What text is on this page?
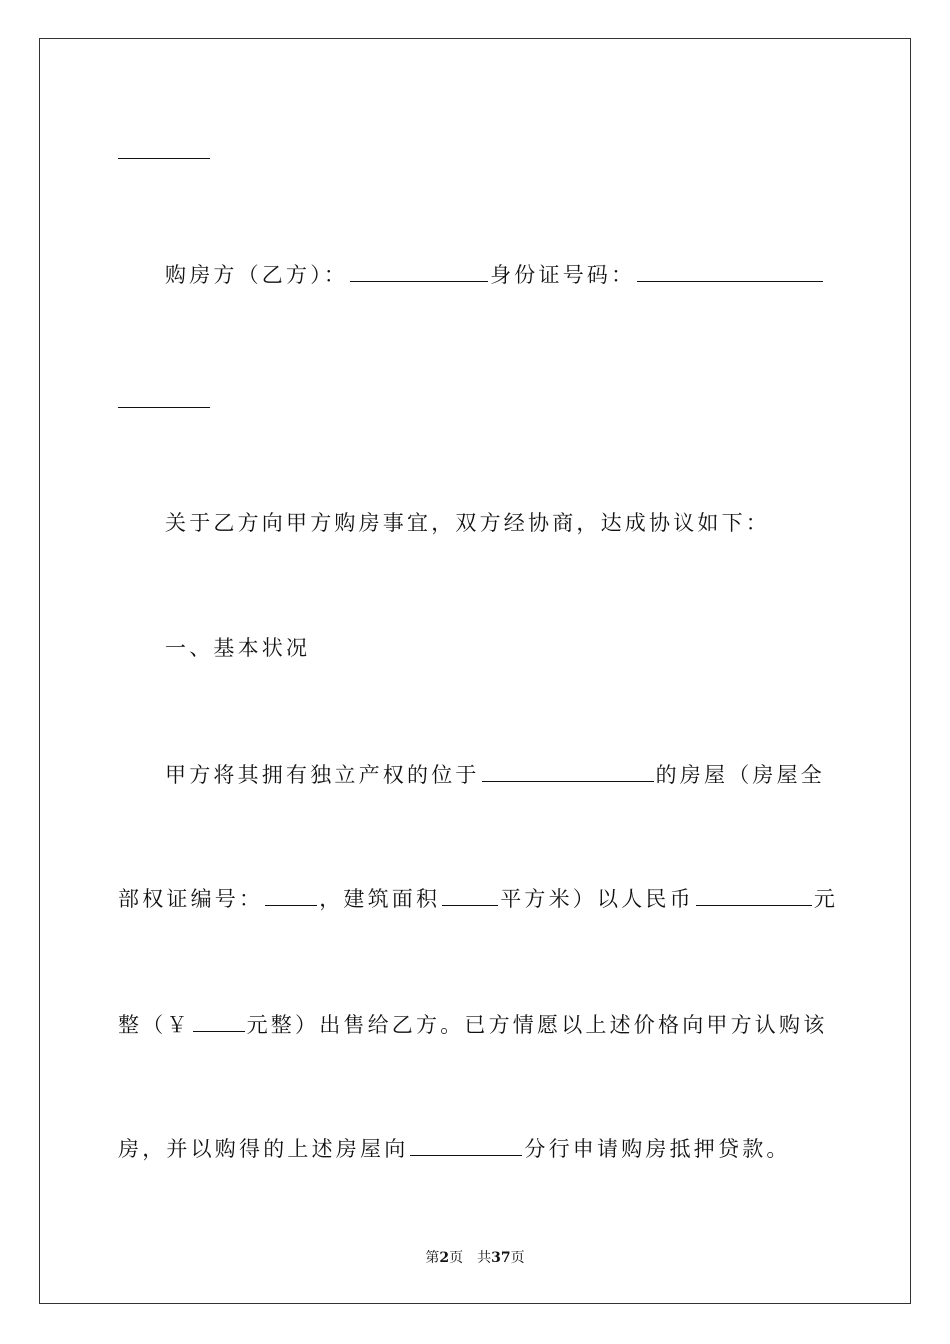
购房方（乙方）：	身份证号码：
关于乙方向甲方购房事宜，双方经协商，达成协议如下：
一、基本状况
甲方将其拥有独立产权的位于	的房屋（房屋全
部权证编号：	，建筑面积	平方米）以人民币	元
整（￥	元整）出售给乙方。已方情愿以上述价格向甲方认购该
房，并以购得的上述房屋向	分行申请购房抵押贷款。
第2页　共37页
